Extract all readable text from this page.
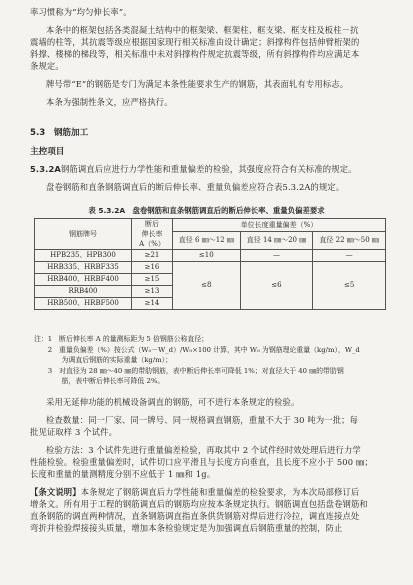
率习惯称为“均匀伸长率”。

本条中的框架包括各类混凝土结构中的框架梁、框架柱、框支梁、框支柱及板柱－抗

震墙的柱等，其抗震等级应根据国家现行相关标准由设计确定；斜撑构件包括伸臂桁架的

斜撑、楼梯的梯段等，相关标准中未对斜撑构件规定抗震等级，所有斜撑构件均应满足本

条规定。

牌号带“E”的钢筋是专门为满足本条性能要求生产的钢筋，其表面轧有专用标志。

本条为强制性条文，应严格执行。

5.3　钢筋加工
主控项目

5.3.2A钢筋调直后应进行力学性能和重量偏差的检验，其强度应符合有关标准的规定。

盘卷钢筋和直条钢筋调直后的断后伸长率、重量负偏差应符合表5.3.2A的规定。

表 5.3.2A　盘卷钢筋和直条钢筋调直后的断后伸长率、重量负偏差要求
钢筋牌号	断后
伸长率
A（%）	单位长度重量偏差（%）		
		直径 6 ㎜～12 ㎜	直径 14 ㎜～20 ㎜	直径 22 ㎜～50 ㎜

HPB235、HPB300	≥21	≤10	—	—
HRB335、HRBF335	≥16	≤8	≤6	≤5
HRB400、HRBF400	≥15			
RRB400	≥13			
HRB500、HRBF500	≥14			
注：1　断后伸长率 A 的量测标距为 5 倍钢筋公称直径；
　　2　重量负偏差（%）按公式（W₀－W_d）/W₀×100 计算，其中 W₀ 为钢筋理论重量（kg/m），W_d
　　　　为调直后钢筋的实际重量（kg/m）；
　　3　对直径为 28 ㎜～40 ㎜的带肋钢筋，表中断后伸长率可降低 1%；对直径大于 40 ㎜的带肋钢
　　　　筋，表中断后伸长率可降低 2%。

采用无延伸功能的机械设备调直的钢筋，可不进行本条规定的检验。

检查数量：同一厂家、同一牌号、同一规格调直钢筋，重量不大于 30 吨为一批；每

批见证取样 3 个试件。

检验方法：3 个试件先进行重量偏差检验，再取其中 2 个试件经时效处理后进行力学

性能检验。检验重量偏差时，试件切口应平滑且与长度方向垂直，且长度不应小于 500 ㎜；

长度和重量的量测精度分别不应低于 1 ㎜和 1g。

【条文说明】本条规定了钢筋调直后力学性能和重量偏差的检验要求，为本次局部修订后

增条文。所有用于工程的钢筋调直后的钢筋均应按本条规定执行。钢筋调直包括盘卷钢筋和

直条钢筋的调直两种情况，直条钢筋调直指直条供货钢筋对焊后进行冷拉，调直连接点处

弯折并检验焊接接头质量，增加本条检验规定是为加强调直后钢筋重量的控制，防止
